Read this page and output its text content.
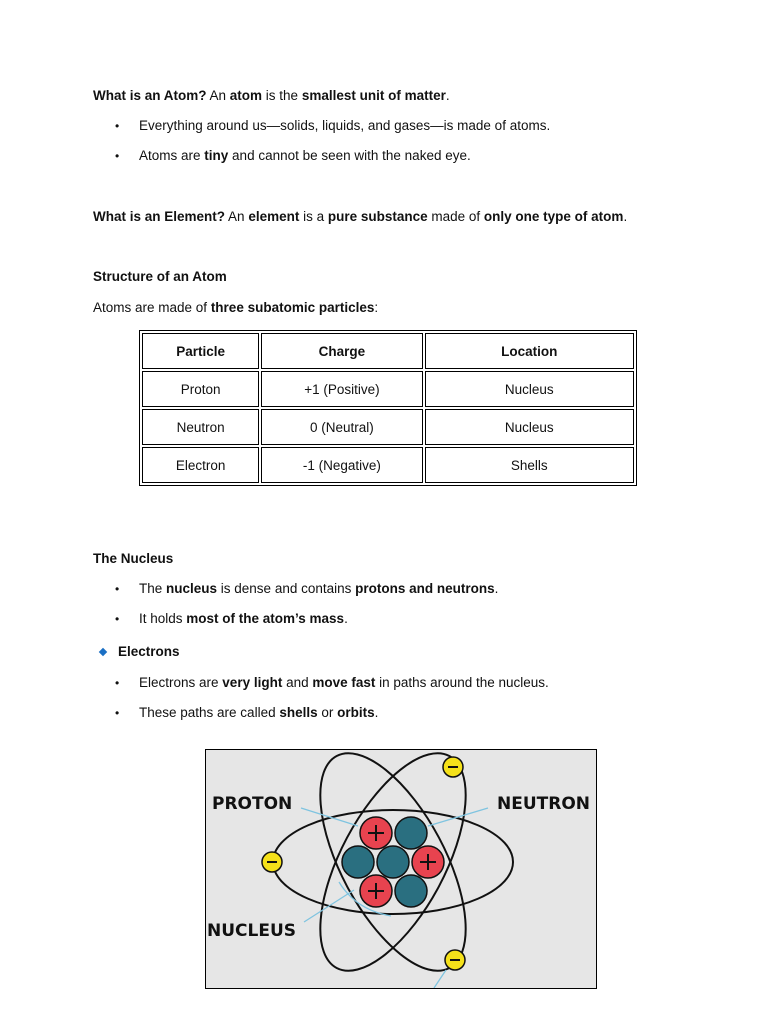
What is an Atom? An atom is the smallest unit of matter.
• Everything around us—solids, liquids, and gases—is made of atoms.
• Atoms are tiny and cannot be seen with the naked eye.
What is an Element? An element is a pure substance made of only one type of atom.
Structure of an Atom
Atoms are made of three subatomic particles:
Particle	Charge	Location
Proton	+1 (Positive)	Nucleus
Neutron	0 (Neutral)	Nucleus
Electron	-1 (Negative)	Shells
The Nucleus
• The nucleus is dense and contains protons and neutrons.
• It holds most of the atom’s mass.
Electrons
• Electrons are very light and move fast in paths around the nucleus.
• These paths are called shells or orbits.
PROTON	NEUTRON
NUCLEUS
